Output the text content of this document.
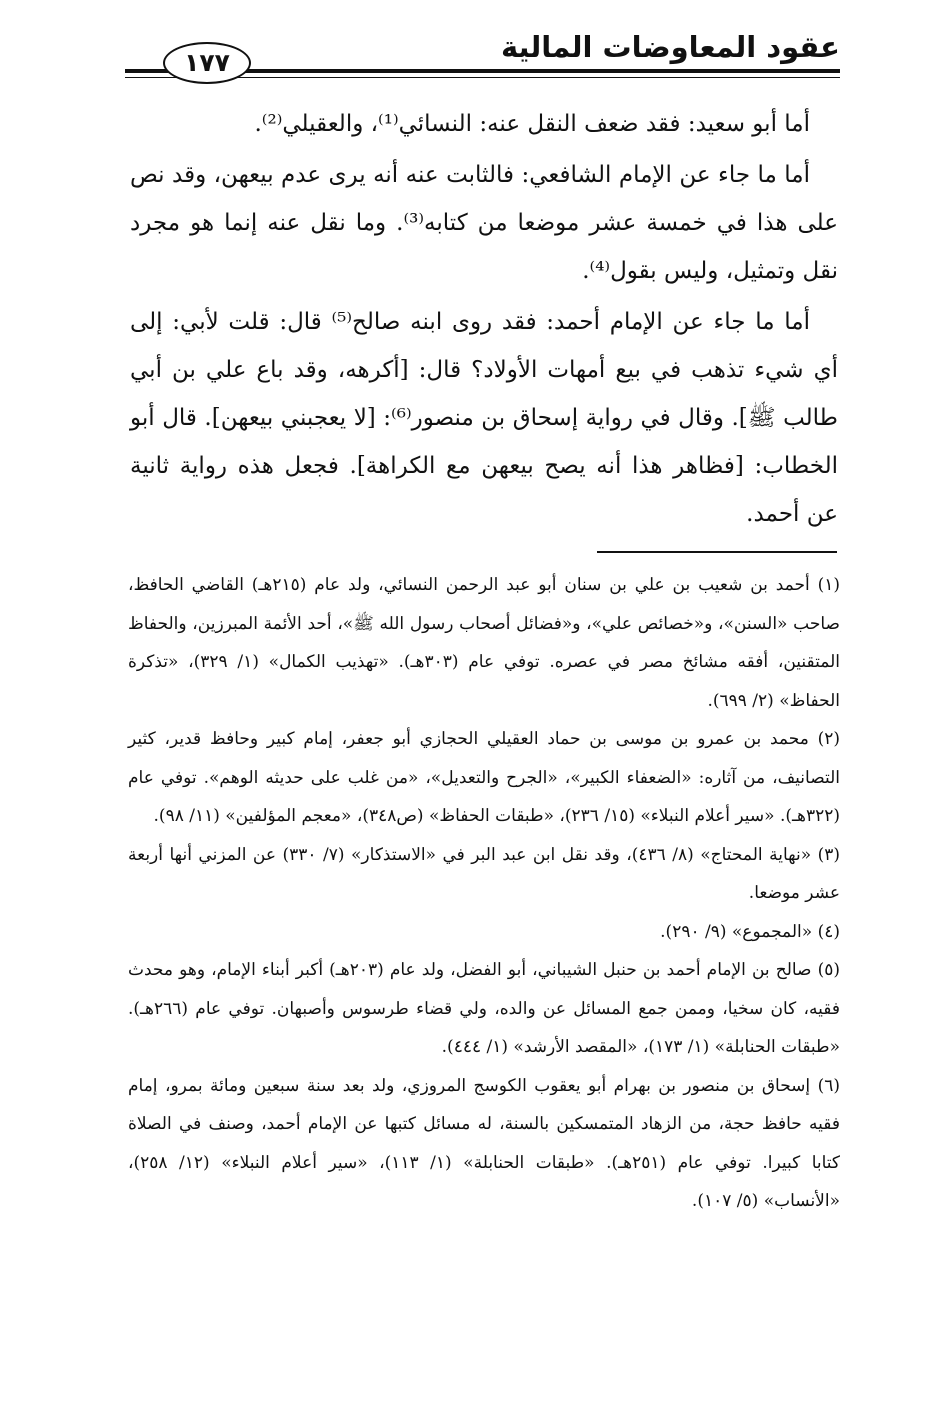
عقود المعاوضات المالية
١٧٧

أما أبو سعيد: فقد ضعف النقل عنه: النسائي⁽¹⁾، والعقيلي⁽²⁾.

أما ما جاء عن الإمام الشافعي: فالثابت عنه أنه يرى عدم بيعهن، وقد نص على هذا في خمسة عشر موضعا من كتابه⁽³⁾. وما نقل عنه إنما هو مجرد نقل وتمثيل، وليس بقول⁽⁴⁾.

أما ما جاء عن الإمام أحمد: فقد روى ابنه صالح⁽⁵⁾ قال: قلت لأبي: إلى أي شيء تذهب في بيع أمهات الأولاد؟ قال: [أكرهه، وقد باع علي بن أبي طالب ﷺ]. وقال في رواية إسحاق بن منصور⁽⁶⁾: [لا يعجبني بيعهن]. قال أبو الخطاب: [فظاهر هذا أنه يصح بيعهن مع الكراهة]. فجعل هذه رواية ثانية عن أحمد.

(١) أحمد بن شعيب بن علي بن سنان أبو عبد الرحمن النسائي، ولد عام (٢١٥هـ) القاضي الحافظ، صاحب «السنن»، و«خصائص علي»، و«فضائل أصحاب رسول الله ﷺ»، أحد الأئمة المبرزين، والحفاظ المتقنين، أفقه مشائخ مصر في عصره. توفي عام (٣٠٣هـ). «تهذيب الكمال» (١/ ٣٢٩)، «تذكرة الحفاظ» (٢/ ٦٩٩).

(٢) محمد بن عمرو بن موسى بن حماد العقيلي الحجازي أبو جعفر، إمام كبير وحافظ قدير، كثير التصانيف، من آثاره: «الضعفاء الكبير»، «الجرح والتعديل»، «من غلب على حديثه الوهم». توفي عام (٣٢٢هـ). «سير أعلام النبلاء» (١٥/ ٢٣٦)، «طبقات الحفاظ» (ص٣٤٨)، «معجم المؤلفين» (١١/ ٩٨).

(٣) «نهاية المحتاج» (٨/ ٤٣٦)، وقد نقل ابن عبد البر في «الاستذكار» (٧/ ٣٣٠) عن المزني أنها أربعة عشر موضعا.

(٤) «المجموع» (٩/ ٢٩٠).

(٥) صالح بن الإمام أحمد بن حنبل الشيباني، أبو الفضل، ولد عام (٢٠٣هـ) أكبر أبناء الإمام، وهو محدث فقيه، كان سخيا، وممن جمع المسائل عن والده، ولي قضاء طرسوس وأصبهان. توفي عام (٢٦٦هـ). «طبقات الحنابلة» (١/ ١٧٣)، «المقصد الأرشد» (١/ ٤٤٤).

(٦) إسحاق بن منصور بن بهرام أبو يعقوب الكوسج المروزي، ولد بعد سنة سبعين ومائة بمرو، إمام فقيه حافظ حجة، من الزهاد المتمسكين بالسنة، له مسائل كتبها عن الإمام أحمد، وصنف في الصلاة كتابا كبيرا. توفي عام (٢٥١هـ). «طبقات الحنابلة» (١/ ١١٣)، «سير أعلام النبلاء» (١٢/ ٢٥٨)، «الأنساب» (٥/ ١٠٧).
